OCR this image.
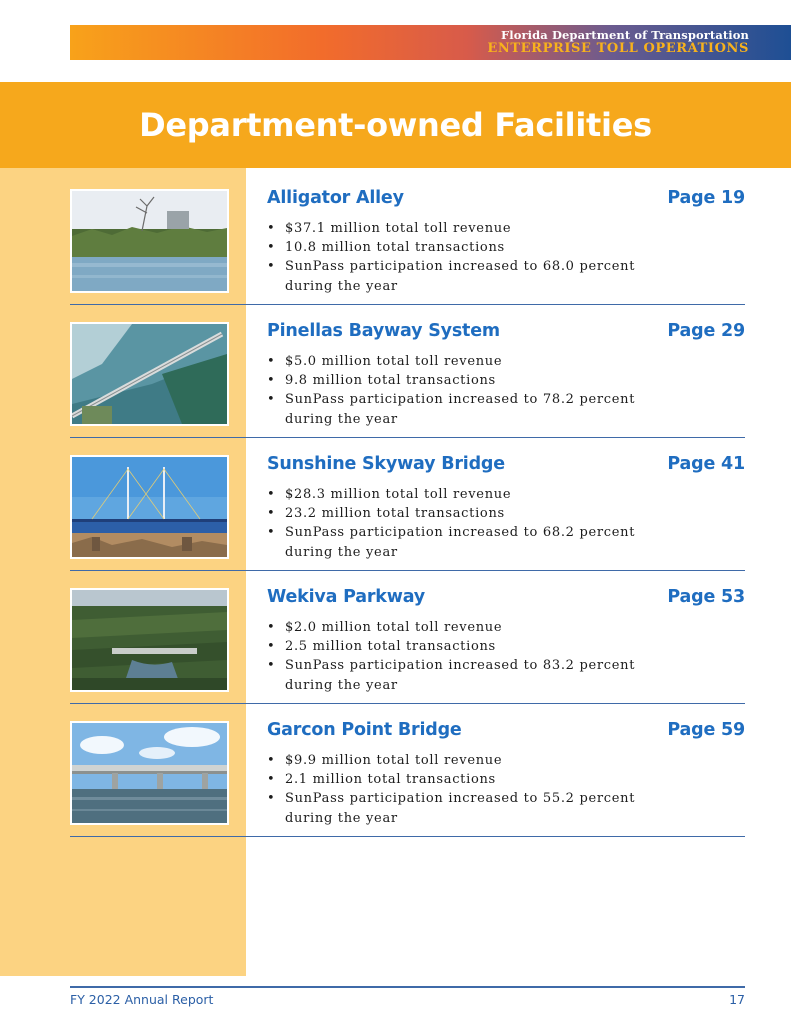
Florida Department of Transportation
ENTERPRISE TOLL OPERATIONS
Department-owned Facilities
Alligator Alley	Page 19
• $37.1 million total toll revenue
• 10.8 million total transactions
• SunPass participation increased to 68.0 percent during the year
Pinellas Bayway System	Page 29
• $5.0 million total toll revenue
• 9.8 million total transactions
• SunPass participation increased to 78.2 percent during the year
Sunshine Skyway Bridge	Page 41
• $28.3 million total toll revenue
• 23.2 million total transactions
• SunPass participation increased to 68.2 percent during the year
Wekiva Parkway	Page 53
• $2.0 million total toll revenue
• 2.5 million total transactions
• SunPass participation increased to 83.2 percent during the year
Garcon Point Bridge	Page 59
• $9.9 million total toll revenue
• 2.1 million total transactions
• SunPass participation increased to 55.2 percent during the year
FY 2022 Annual Report	17
